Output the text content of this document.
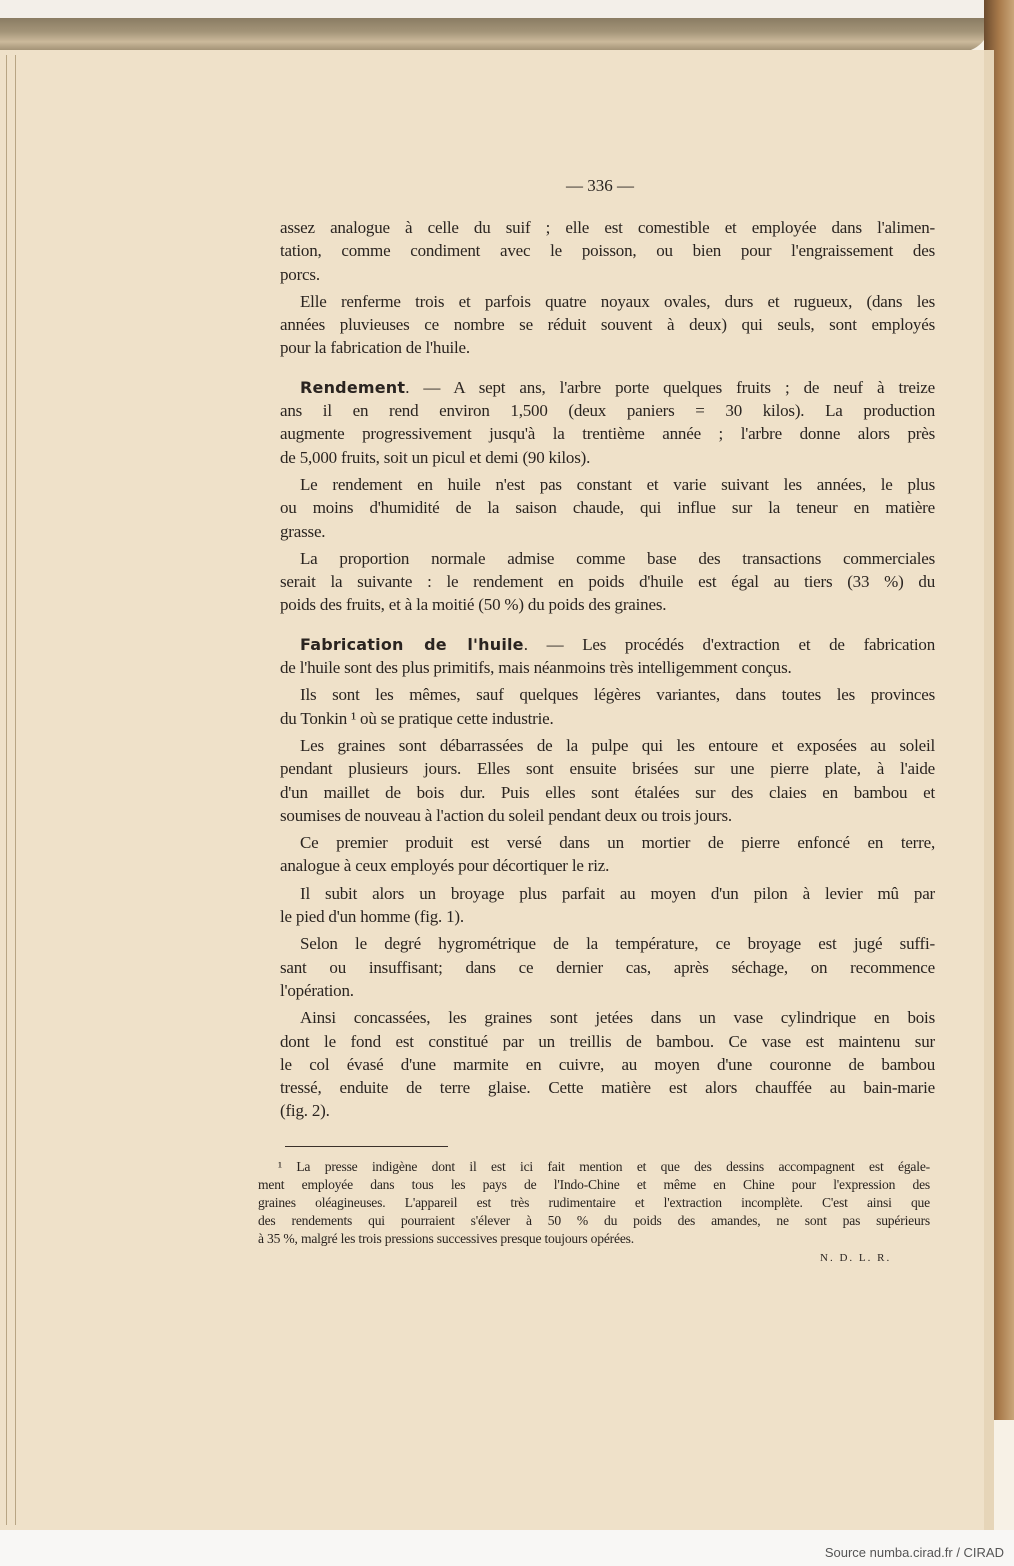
— 336 —
assez analogue à celle du suif ; elle est comestible et employée dans l'alimen-
tation, comme condiment avec le poisson, ou bien pour l'engraissement des
porcs.
Elle renferme trois et parfois quatre noyaux ovales, durs et rugueux, (dans les
années pluvieuses ce nombre se réduit souvent à deux) qui seuls, sont employés
pour la fabrication de l'huile.
Rendement. — A sept ans, l'arbre porte quelques fruits ; de neuf à treize
ans il en rend environ 1,500 (deux paniers = 30 kilos). La production
augmente progressivement jusqu'à la trentième année ; l'arbre donne alors près
de 5,000 fruits, soit un picul et demi (90 kilos).
Le rendement en huile n'est pas constant et varie suivant les années, le plus
ou moins d'humidité de la saison chaude, qui influe sur la teneur en matière
grasse.
La proportion normale admise comme base des transactions commerciales
serait la suivante : le rendement en poids d'huile est égal au tiers (33 %) du
poids des fruits, et à la moitié (50 %) du poids des graines.
Fabrication de l'huile. — Les procédés d'extraction et de fabrication
de l'huile sont des plus primitifs, mais néanmoins très intelligemment conçus.
Ils sont les mêmes, sauf quelques légères variantes, dans toutes les provinces
du Tonkin ¹ où se pratique cette industrie.
Les graines sont débarrassées de la pulpe qui les entoure et exposées au soleil
pendant plusieurs jours. Elles sont ensuite brisées sur une pierre plate, à l'aide
d'un maillet de bois dur. Puis elles sont étalées sur des claies en bambou et
soumises de nouveau à l'action du soleil pendant deux ou trois jours.
Ce premier produit est versé dans un mortier de pierre enfoncé en terre,
analogue à ceux employés pour décortiquer le riz.
Il subit alors un broyage plus parfait au moyen d'un pilon à levier mû par
le pied d'un homme (fig. 1).
Selon le degré hygrométrique de la température, ce broyage est jugé suffi-
sant ou insuffisant; dans ce dernier cas, après séchage, on recommence
l'opération.
Ainsi concassées, les graines sont jetées dans un vase cylindrique en bois
dont le fond est constitué par un treillis de bambou. Ce vase est maintenu sur
le col évasé d'une marmite en cuivre, au moyen d'une couronne de bambou
tressé, enduite de terre glaise. Cette matière est alors chauffée au bain-marie
(fig. 2).
¹ La presse indigène dont il est ici fait mention et que des dessins accompagnent est égale-
ment employée dans tous les pays de l'Indo-Chine et même en Chine pour l'expression des
graines oléagineuses. L'appareil est très rudimentaire et l'extraction incomplète. C'est ainsi que
des rendements qui pourraient s'élever à 50 % du poids des amandes, ne sont pas supérieurs
à 35 %, malgré les trois pressions successives presque toujours opérées.
N. D. L. R.
Source numba.cirad.fr / CIRAD
